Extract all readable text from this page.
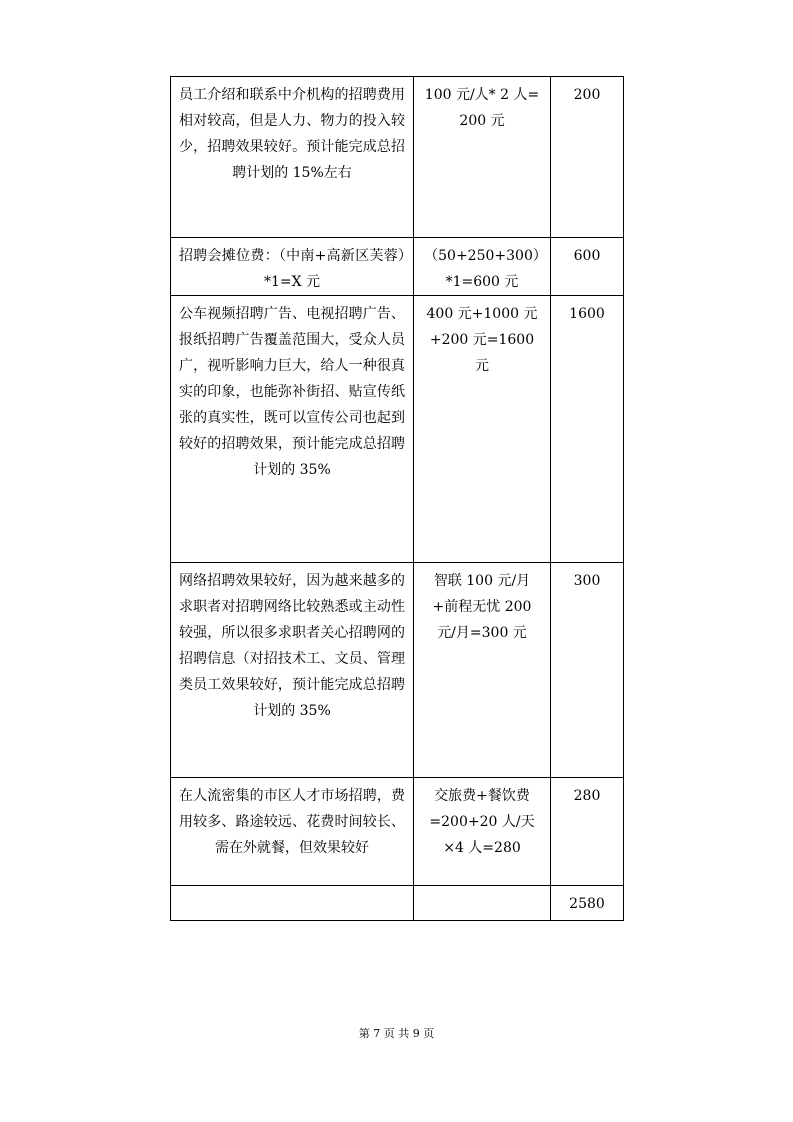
员工介绍和联系中介机构的招聘费用相对较高，但是人力、物力的投入较少，招聘效果较好。预计能完成总招聘计划的 15%左右	100 元/人* 2 人= 200 元	200
招聘会摊位费：（中南+高新区芙蓉）*1=X 元	（50+250+300）*1=600 元	600
公车视频招聘广告、电视招聘广告、报纸招聘广告覆盖范围大，受众人员广，视听影响力巨大，给人一种很真实的印象，也能弥补街招、贴宣传纸张的真实性，既可以宣传公司也起到较好的招聘效果，预计能完成总招聘计划的 35%	400 元+1000 元+200 元=1600 元	1600
网络招聘效果较好，因为越来越多的求职者对招聘网络比较熟悉或主动性较强，所以很多求职者关心招聘网的招聘信息（对招技术工、文员、管理类员工效果较好，预计能完成总招聘计划的 35%	智联 100 元/月+前程无忧 200 元/月=300 元	300
在人流密集的市区人才市场招聘，费用较多、路途较远、花费时间较长、需在外就餐，但效果较好	交旅费+餐饮费=200+20 人/天×4 人=280	280
		2580
第 7 页 共 9 页
